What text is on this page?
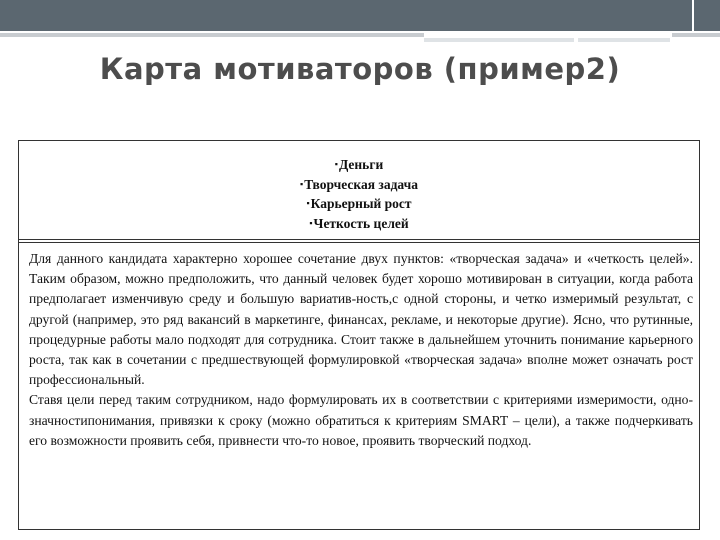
Карта мотиваторов (пример2)
▪Деньги
▪Творческая задача
▪Карьерный рост
▪Четкость целей

Для данного кандидата характерно хорошее сочетание двух пунктов: «творческая задача» и «четкость целей». Таким образом, можно предположить, что данный человек будет хорошо мотивирован в ситуации, когда работа предполагает изменчивую среду и большую вариатив-ность,с одной стороны, и четко измеримый результат, с другой (например, это ряд вакансий в маркетинге, финансах, рекламе, и некоторые другие). Ясно, что рутинные, процедурные работы мало подходят для сотрудника. Стоит также в дальнейшем уточнить понимание карьерного роста, так как в сочетании с предшествующей формулировкой «творческая задача» вполне может означать рост профессиональный.

Ставя цели перед таким сотрудником, надо формулировать их в соответствии с критериями измеримости, одно-значностипонимания, привязки к сроку (можно обратиться к критериям SMART – цели), а также подчеркивать его возможности проявить себя, привнести что-то новое, проявить творческий подход.
